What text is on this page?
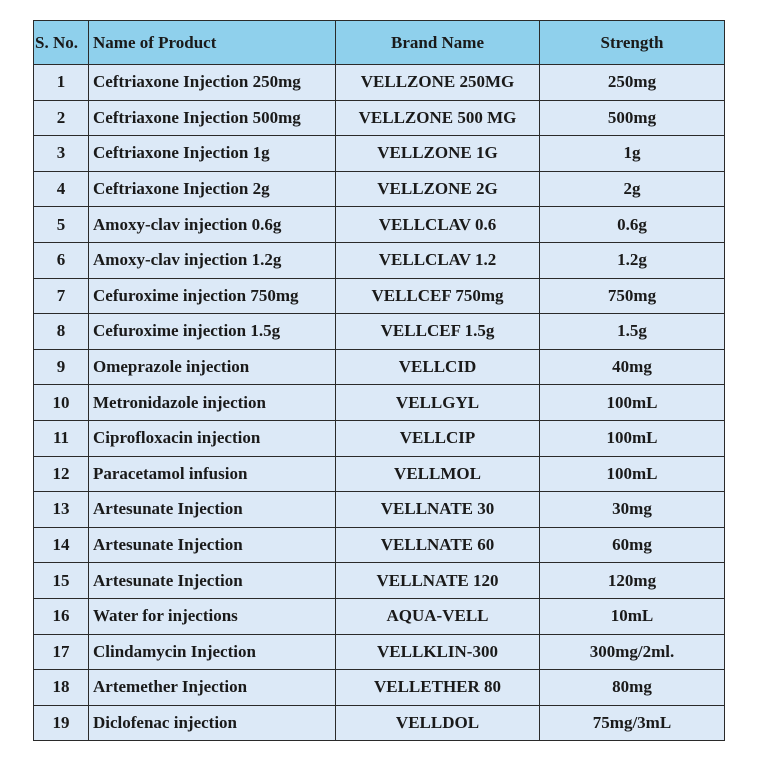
S. No.	Name of Product	Brand Name	Strength
1	Ceftriaxone Injection 250mg	VELLZONE 250MG	250mg
2	Ceftriaxone Injection 500mg	VELLZONE 500 MG	500mg
3	Ceftriaxone Injection 1g	VELLZONE 1G	1g
4	Ceftriaxone Injection 2g	VELLZONE 2G	2g
5	Amoxy-clav injection 0.6g	VELLCLAV 0.6	0.6g
6	Amoxy-clav injection 1.2g	VELLCLAV 1.2	1.2g
7	Cefuroxime injection 750mg	VELLCEF 750mg	750mg
8	Cefuroxime injection 1.5g	VELLCEF 1.5g	1.5g
9	Omeprazole injection	VELLCID	40mg
10	Metronidazole injection	VELLGYL	100mL
11	Ciprofloxacin injection	VELLCIP	100mL
12	Paracetamol infusion	VELLMOL	100mL
13	Artesunate Injection	VELLNATE 30	30mg
14	Artesunate Injection	VELLNATE 60	60mg
15	Artesunate Injection	VELLNATE 120	120mg
16	Water for injections	AQUA-VELL	10mL
17	Clindamycin Injection	VELLKLIN-300	300mg/2ml.
18	Artemether Injection	VELLETHER 80	80mg
19	Diclofenac injection	VELLDOL	75mg/3mL
